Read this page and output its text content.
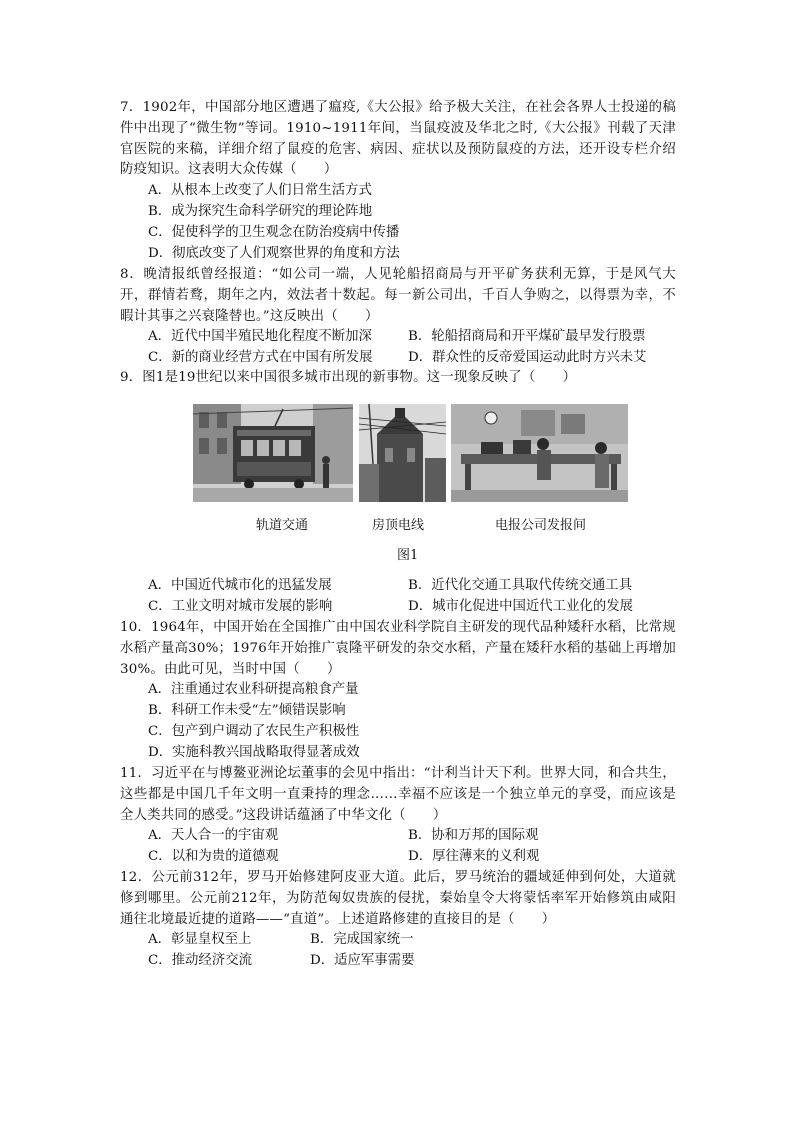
7．1902年，中国部分地区遭遇了瘟疫,《大公报》给予极大关注，在社会各界人士投递的稿件中出现了“微生物”等词。1910~1911年间，当鼠疫波及华北之时,《大公报》刊载了天津官医院的来稿，详细介绍了鼠疫的危害、病因、症状以及预防鼠疫的方法，还开设专栏介绍防疫知识。这表明大众传媒（　　）
A．从根本上改变了人们日常生活方式
B．成为探究生命科学研究的理论阵地
C．促使科学的卫生观念在防治疫病中传播
D．彻底改变了人们观察世界的角度和方法
8．晚清报纸曾经报道：“如公司一端，人见轮船招商局与开平矿务获利无算，于是风气大开，群情若鹜，期年之内，效法者十数起。每一新公司出，千百人争购之，以得票为幸，不暇计其事之兴衰隆替也。”这反映出（　　）
A．近代中国半殖民地化程度不断加深	B．轮船招商局和开平煤矿最早发行股票
C．新的商业经营方式在中国有所发展	D．群众性的反帝爱国运动此时方兴未艾
9．图1是19世纪以来中国很多城市出现的新事物。这一现象反映了（　　）
轨道交通	房顶电线	电报公司发报间
图1
A．中国近代城市化的迅猛发展	B．近代化交通工具取代传统交通工具
C．工业文明对城市发展的影响	D．城市化促进中国近代工业化的发展
10．1964年，中国开始在全国推广由中国农业科学院自主研发的现代品种矮秆水稻，比常规水稻产量高30%；1976年开始推广袁隆平研发的杂交水稻，产量在矮秆水稻的基础上再增加30%。由此可见，当时中国（　　）
A．注重通过农业科研提高粮食产量
B．科研工作未受“左”倾错误影响
C．包产到户调动了农民生产积极性
D．实施科教兴国战略取得显著成效
11．习近平在与博鳌亚洲论坛董事的会见中指出：“计利当计天下利。世界大同，和合共生，这些都是中国几千年文明一直秉持的理念……幸福不应该是一个独立单元的享受，而应该是全人类共同的感受。”这段讲话蕴涵了中华文化（　　）
A．天人合一的宇宙观	B．协和万邦的国际观
C．以和为贵的道德观	D．厚往薄来的义利观
12．公元前312年，罗马开始修建阿皮亚大道。此后，罗马统治的疆域延伸到何处，大道就修到哪里。公元前212年，为防范匈奴贵族的侵扰，秦始皇令大将蒙恬率军开始修筑由咸阳通往北境最近捷的道路——“直道”。上述道路修建的直接目的是（　　）
A．彰显皇权至上	B．完成国家统一
C．推动经济交流	D．适应军事需要
